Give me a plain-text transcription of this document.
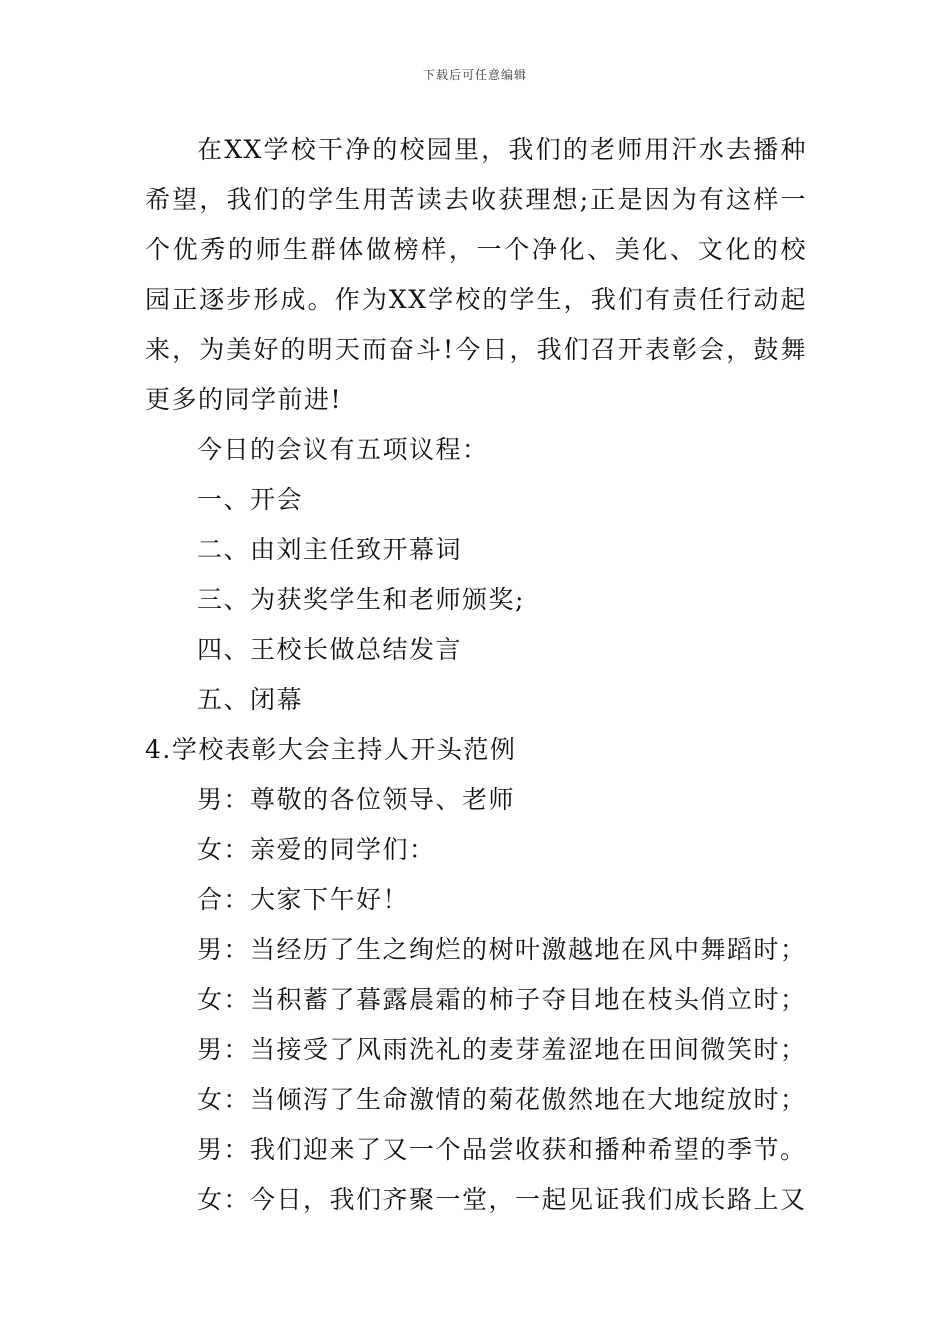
下载后可任意编辑

在XX学校干净的校园里，我们的老师用汗水去播种希望，我们的学生用苦读去收获理想;正是因为有这样一个优秀的师生群体做榜样，一个净化、美化、文化的校园正逐步形成。作为XX学校的学生，我们有责任行动起来，为美好的明天而奋斗!今日，我们召开表彰会，鼓舞更多的同学前进!

今日的会议有五项议程：

一、开会

二、由刘主任致开幕词

三、为获奖学生和老师颁奖;

四、王校长做总结发言

五、闭幕

4.学校表彰大会主持人开头范例

男：尊敬的各位领导、老师

女：亲爱的同学们：

合：大家下午好！

男：当经历了生之绚烂的树叶激越地在风中舞蹈时；

女：当积蓄了暮露晨霜的柿子夺目地在枝头俏立时；

男：当接受了风雨洗礼的麦芽羞涩地在田间微笑时；

女：当倾泻了生命激情的菊花傲然地在大地绽放时；

男：我们迎来了又一个品尝收获和播种希望的季节。

女：今日，我们齐聚一堂，一起见证我们成长路上又
